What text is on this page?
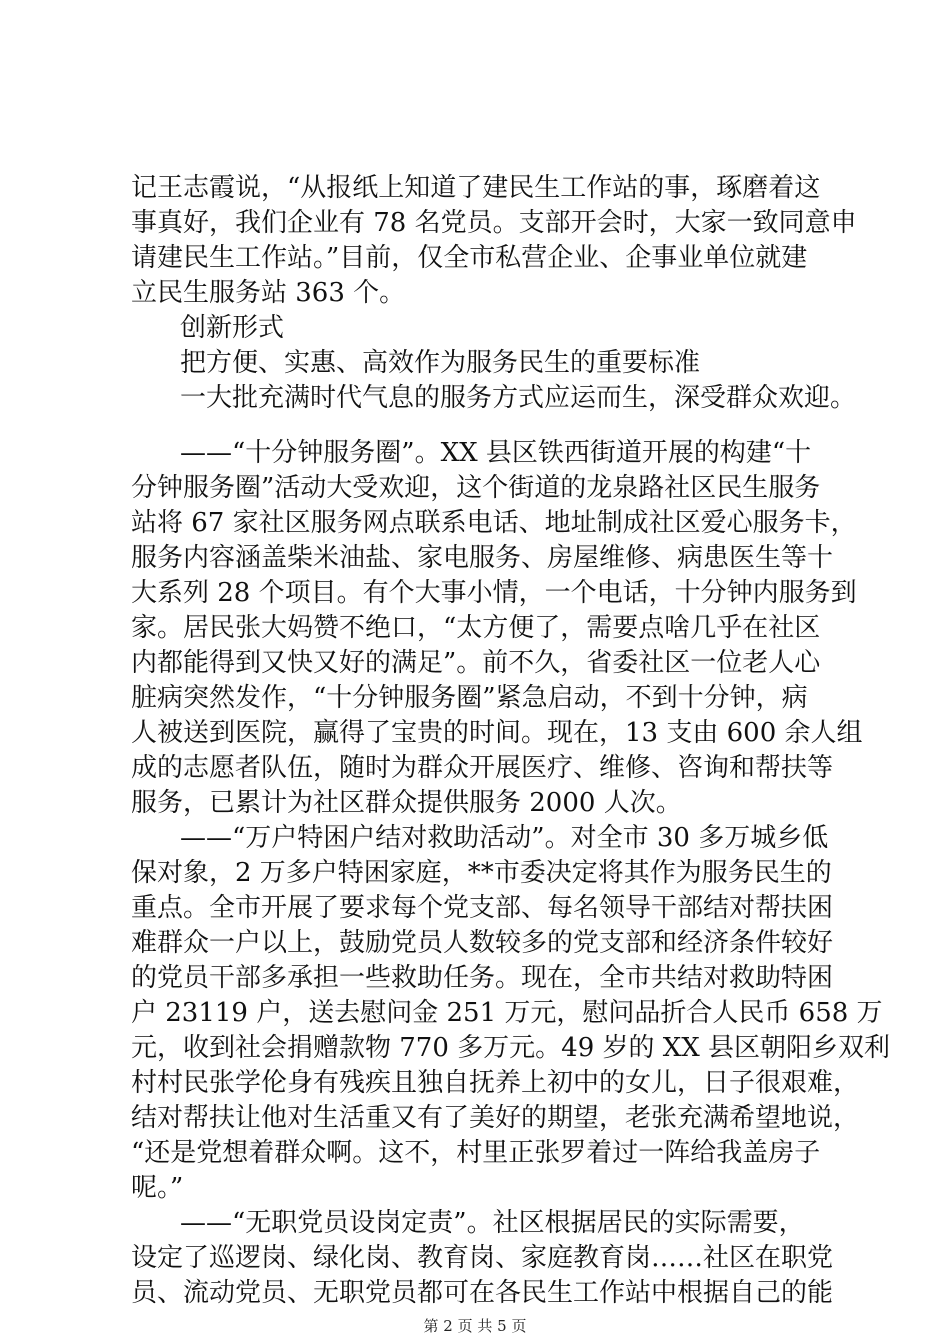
记王志霞说，“从报纸上知道了建民生工作站的事，琢磨着这
事真好，我们企业有 78 名党员。支部开会时，大家一致同意申
请建民生工作站。”目前，仅全市私营企业、企事业单位就建
立民生服务站 363 个。
创新形式
把方便、实惠、高效作为服务民生的重要标准
一大批充满时代气息的服务方式应运而生，深受群众欢迎。
——“十分钟服务圈”。XX 县区铁西街道开展的构建“十
分钟服务圈”活动大受欢迎，这个街道的龙泉路社区民生服务
站将 67 家社区服务网点联系电话、地址制成社区爱心服务卡，
服务内容涵盖柴米油盐、家电服务、房屋维修、病患医生等十
大系列 28 个项目。有个大事小情，一个电话，十分钟内服务到
家。居民张大妈赞不绝口，“太方便了，需要点啥几乎在社区
内都能得到又快又好的满足”。前不久，省委社区一位老人心
脏病突然发作，“十分钟服务圈”紧急启动，不到十分钟，病
人被送到医院，赢得了宝贵的时间。现在，13 支由 600 余人组
成的志愿者队伍，随时为群众开展医疗、维修、咨询和帮扶等
服务，已累计为社区群众提供服务 2000 人次。
——“万户特困户结对救助活动”。对全市 30 多万城乡低
保对象，2 万多户特困家庭，**市委决定将其作为服务民生的
重点。全市开展了要求每个党支部、每名领导干部结对帮扶困
难群众一户以上，鼓励党员人数较多的党支部和经济条件较好
的党员干部多承担一些救助任务。现在，全市共结对救助特困
户 23119 户，送去慰问金 251 万元，慰问品折合人民币 658 万
元，收到社会捐赠款物 770 多万元。49 岁的 XX 县区朝阳乡双利
村村民张学伦身有残疾且独自抚养上初中的女儿，日子很艰难，
结对帮扶让他对生活重又有了美好的期望，老张充满希望地说，
“还是党想着群众啊。这不，村里正张罗着过一阵给我盖房子
呢。”
——“无职党员设岗定责”。社区根据居民的实际需要，
设定了巡逻岗、绿化岗、教育岗、家庭教育岗……社区在职党
员、流动党员、无职党员都可在各民生工作站中根据自己的能
第 2 页 共 5 页
